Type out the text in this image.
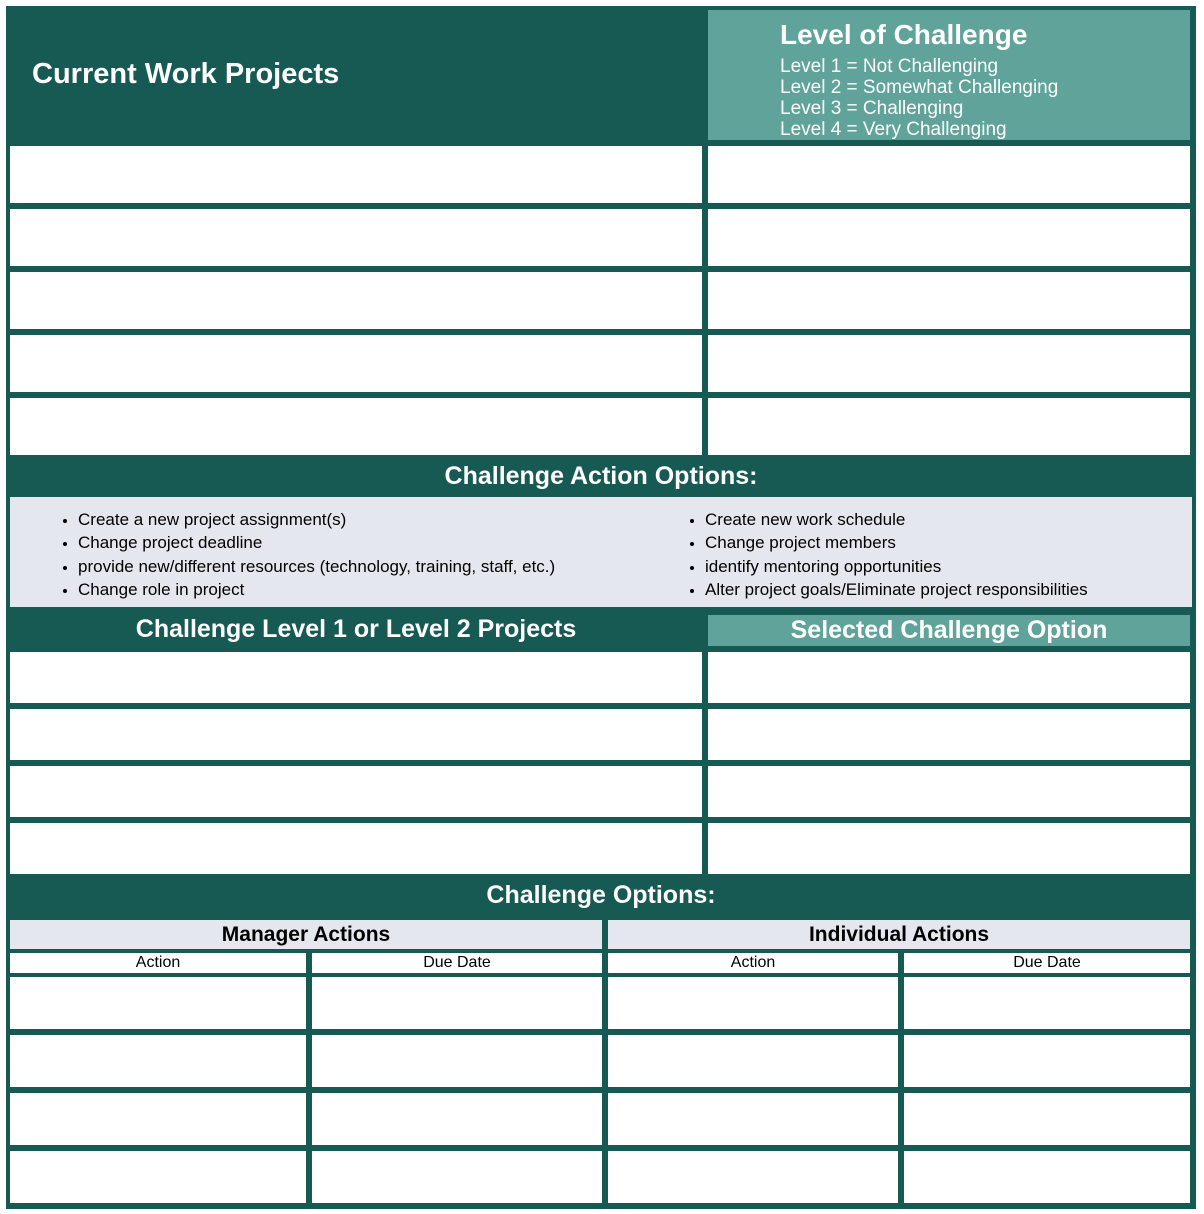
Current Work Projects
Level of Challenge
Level 1 = Not Challenging
Level 2 = Somewhat Challenging
Level 3 = Challenging
Level 4 = Very Challenging
Challenge Action Options:
• Create a new project assignment(s)
• Change project deadline
• provide new/different resources (technology, training, staff, etc.)
• Change role in project
• Create new work schedule
• Change project members
• identify mentoring opportunities
• Alter project goals/Eliminate project responsibilities
Challenge Level 1 or Level 2 Projects	Selected Challenge Option
Challenge Options:
Manager Actions	Individual Actions
Action	Due Date	Action	Due Date
